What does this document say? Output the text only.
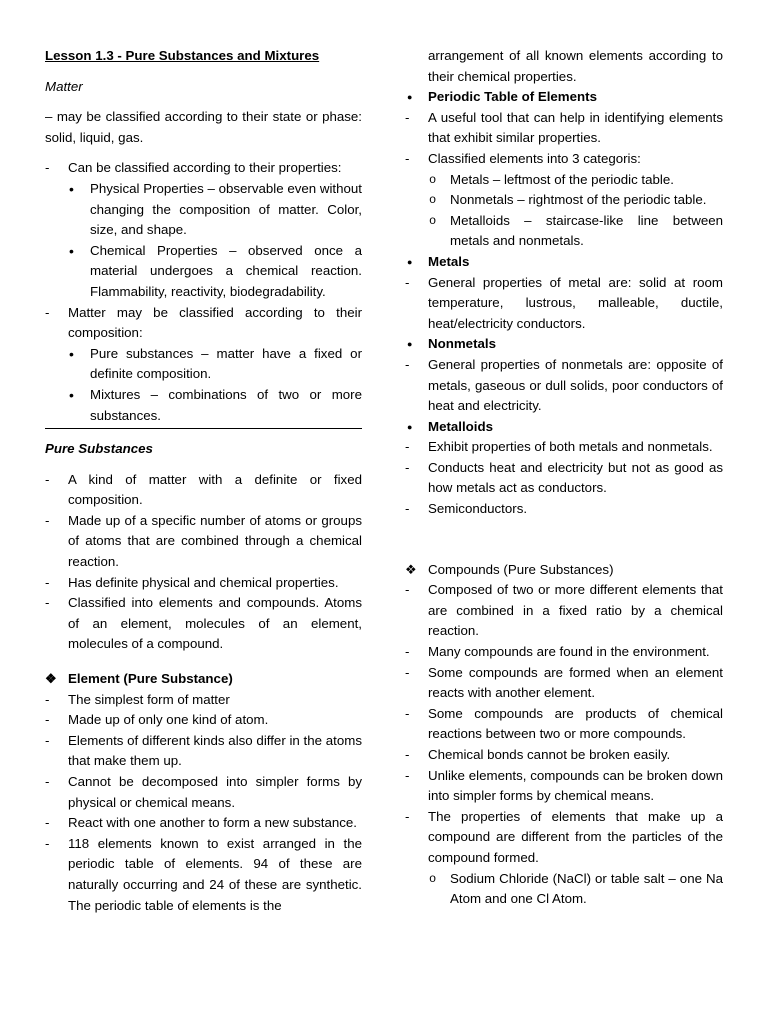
Lesson 1.3 - Pure Substances and Mixtures

Matter

– may be classified according to their state or phase: solid, liquid, gas.

- Can be classified according to their properties:
• Physical Properties – observable even without changing the composition of matter. Color, size, and shape.
• Chemical Properties – observed once a material undergoes a chemical reaction. Flammability, reactivity, biodegradability.
- Matter may be classified according to their composition:
• Pure substances – matter have a fixed or definite composition.
• Mixtures – combinations of two or more substances.

Pure Substances

- A kind of matter with a definite or fixed composition.
- Made up of a specific number of atoms or groups of atoms that are combined through a chemical reaction.
- Has definite physical and chemical properties.
- Classified into elements and compounds. Atoms of an element, molecules of an element, molecules of a compound.
❖ Element (Pure Substance)
- The simplest form of matter
- Made up of only one kind of atom.
- Elements of different kinds also differ in the atoms that make them up.
- Cannot be decomposed into simpler forms by physical or chemical means.
- React with one another to form a new substance.
- 118 elements known to exist arranged in the periodic table of elements. 94 of these are naturally occurring and 24 of these are synthetic. The periodic table of elements is the
arrangement of all known elements according to their chemical properties.
● Periodic Table of Elements
- A useful tool that can help in identifying elements that exhibit similar properties.
- Classified elements into 3 categoris:
o Metals – leftmost of the periodic table.
o Nonmetals – rightmost of the periodic table.
o Metalloids – staircase-like line between metals and nonmetals.
● Metals
- General properties of metal are: solid at room temperature, lustrous, malleable, ductile, heat/electricity conductors.
● Nonmetals
- General properties of nonmetals are: opposite of metals, gaseous or dull solids, poor conductors of heat and electricity.
● Metalloids
- Exhibit properties of both metals and nonmetals.
- Conducts heat and electricity but not as good as how metals act as conductors.
- Semiconductors.
❖ Compounds (Pure Substances)
- Composed of two or more different elements that are combined in a fixed ratio by a chemical reaction.
- Many compounds are found in the environment.
- Some compounds are formed when an element reacts with another element.
- Some compounds are products of chemical reactions between two or more compounds.
- Chemical bonds cannot be broken easily.
- Unlike elements, compounds can be broken down into simpler forms by chemical means.
- The properties of elements that make up a compound are different from the particles of the compound formed.
o Sodium Chloride (NaCl) or table salt – one Na Atom and one Cl Atom.
